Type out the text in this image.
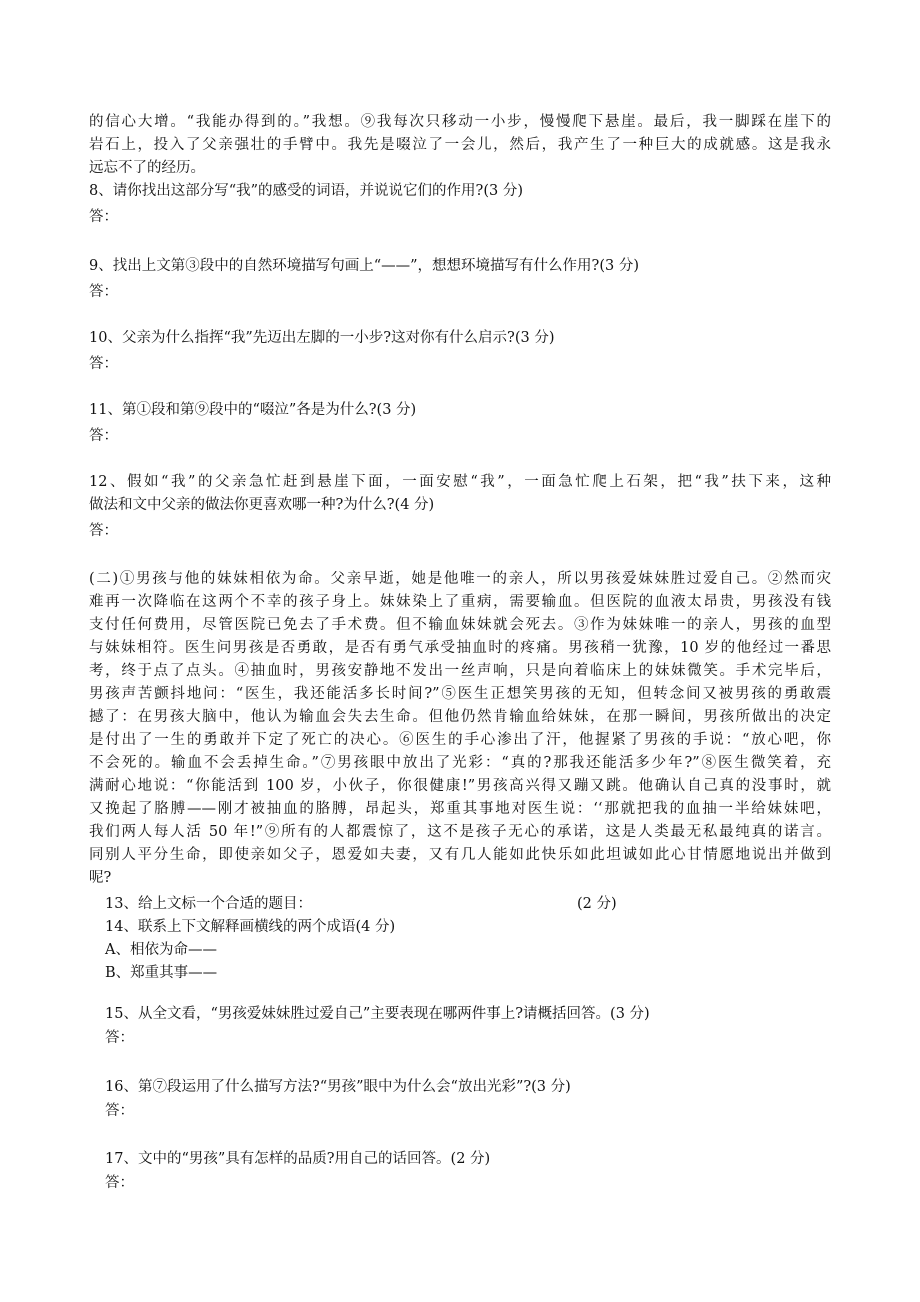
的信心大增。“我能办得到的。”我想。⑨我每次只移动一小步，慢慢爬下悬崖。最后，我一脚踩在崖下的
岩石上，投入了父亲强壮的手臂中。我先是啜泣了一会儿，然后，我产生了一种巨大的成就感。这是我永
远忘不了的经历。
8、请你找出这部分写“我”的感受的词语，并说说它们的作用?(3 分)
答：
9、找出上文第③段中的自然环境描写句画上“——”，想想环境描写有什么作用?(3 分)
答：
10、父亲为什么指挥“我”先迈出左脚的一小步?这对你有什么启示?(3 分)
答：
11、第①段和第⑨段中的“啜泣”各是为什么?(3 分)
答：
12、假如“我”的父亲急忙赶到悬崖下面，一面安慰“我”，一面急忙爬上石架，把“我”扶下来，这种
做法和文中父亲的做法你更喜欢哪一种?为什么?(4 分)
答：
(二)①男孩与他的妹妹相依为命。父亲早逝，她是他唯一的亲人，所以男孩爱妹妹胜过爱自己。②然而灾
难再一次降临在这两个不幸的孩子身上。妹妹染上了重病，需要输血。但医院的血液太昂贵，男孩没有钱
支付任何费用，尽管医院已免去了手术费。但不输血妹妹就会死去。③作为妹妹唯一的亲人，男孩的血型
与妹妹相符。医生问男孩是否勇敢，是否有勇气承受抽血时的疼痛。男孩稍一犹豫，10 岁的他经过一番思
考，终于点了点头。④抽血时，男孩安静地不发出一丝声响，只是向着临床上的妹妹微笑。手术完毕后，
男孩声苦颤抖地问：“医生，我还能活多长时间?”⑤医生正想笑男孩的无知，但转念间又被男孩的勇敢震
撼了：在男孩大脑中，他认为输血会失去生命。但他仍然肯输血给妹妹，在那一瞬间，男孩所做出的决定
是付出了一生的勇敢并下定了死亡的决心。⑥医生的手心渗出了汗，他握紧了男孩的手说：“放心吧，你
不会死的。输血不会丢掉生命。”⑦男孩眼中放出了光彩：“真的?那我还能活多少年?”⑧医生微笑着，充
满耐心地说：“你能活到 100 岁，小伙子，你很健康!”男孩高兴得又蹦又跳。他确认自己真的没事时，就
又挽起了胳膊——刚才被抽血的胳膊，昂起头，郑重其事地对医生说：‘‘那就把我的血抽一半给妹妹吧，
我们两人每人活 50 年!”⑨所有的人都震惊了，这不是孩子无心的承诺，这是人类最无私最纯真的诺言。
同别人平分生命，即使亲如父子，恩爱如夫妻，又有几人能如此快乐如此坦诚如此心甘情愿地说出并做到
呢?
13、给上文标一个合适的题目：	(2 分)
14、联系上下文解释画横线的两个成语(4 分)
A、相依为命——
B、郑重其事——
15、从全文看，“男孩爱妹妹胜过爱自己”主要表现在哪两件事上?请概括回答。(3 分)
答：
16、第⑦段运用了什么描写方法?“男孩”眼中为什么会“放出光彩”?(3 分)
答：
17、文中的“男孩”具有怎样的品质?用自己的话回答。(2 分)
答：
